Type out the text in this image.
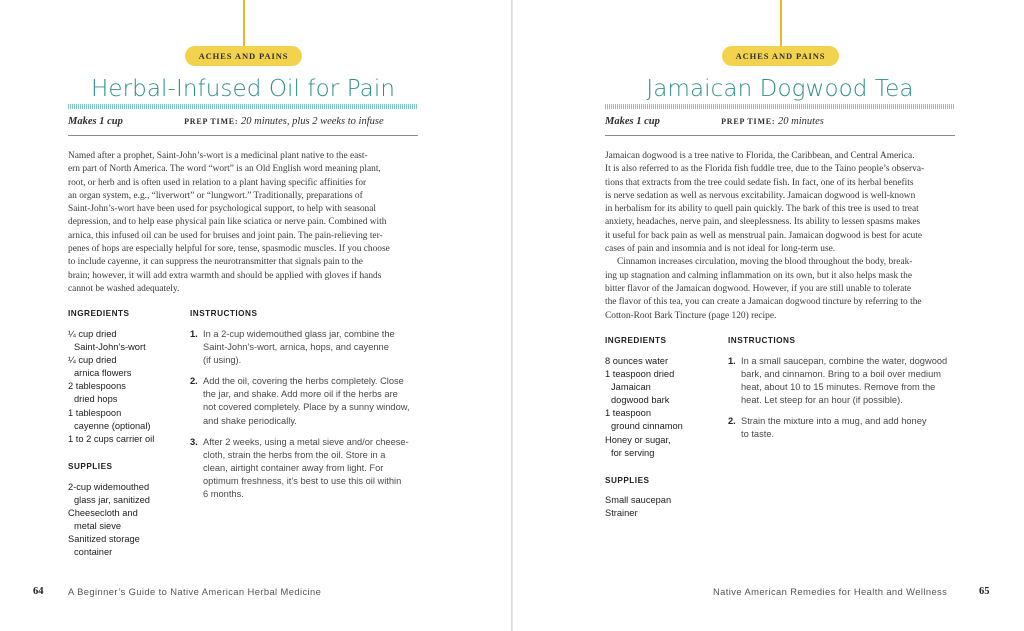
ACHES AND PAINS
Herbal-Infused Oil for Pain
Makes 1 cup	PREP TIME: 20 minutes, plus 2 weeks to infuse
Named after a prophet, Saint-John’s-wort is a medicinal plant native to the east-
ern part of North America. The word “wort” is an Old English word meaning plant,
root, or herb and is often used in relation to a plant having specific affinities for
an organ system, e.g., “liverwort” or “lungwort.” Traditionally, preparations of
Saint-John’s-wort have been used for psychological support, to help with seasonal
depression, and to help ease physical pain like sciatica or nerve pain. Combined with
arnica, this infused oil can be used for bruises and joint pain. The pain-relieving ter-
penes of hops are especially helpful for sore, tense, spasmodic muscles. If you choose
to include cayenne, it can suppress the neurotransmitter that signals pain to the
brain; however, it will add extra warmth and should be applied with gloves if hands
cannot be washed adequately.
INGREDIENTS
¼ cup dried
Saint-John’s-wort
¼ cup dried
arnica flowers
2 tablespoons
dried hops
1 tablespoon
cayenne (optional)
1 to 2 cups carrier oil
SUPPLIES
2-cup widemouthed
glass jar, sanitized
Cheesecloth and
metal sieve
Sanitized storage
container
INSTRUCTIONS
1. In a 2-cup widemouthed glass jar, combine the
Saint-John’s-wort, arnica, hops, and cayenne
(if using).
2. Add the oil, covering the herbs completely. Close
the jar, and shake. Add more oil if the herbs are
not covered completely. Place by a sunny window,
and shake periodically.
3. After 2 weeks, using a metal sieve and/or cheese-
cloth, strain the herbs from the oil. Store in a
clean, airtight container away from light. For
optimum freshness, it’s best to use this oil within
6 months.
64	A Beginner’s Guide to Native American Herbal Medicine
ACHES AND PAINS
Jamaican Dogwood Tea
Makes 1 cup	PREP TIME: 20 minutes
Jamaican dogwood is a tree native to Florida, the Caribbean, and Central America.
It is also referred to as the Florida fish fuddle tree, due to the Taino people’s observa-
tions that extracts from the tree could sedate fish. In fact, one of its herbal benefits
is nerve sedation as well as nervous excitability. Jamaican dogwood is well-known
in herbalism for its ability to quell pain quickly. The bark of this tree is used to treat
anxiety, headaches, nerve pain, and sleeplessness. Its ability to lessen spasms makes
it useful for back pain as well as menstrual pain. Jamaican dogwood is best for acute
cases of pain and insomnia and is not ideal for long-term use.
Cinnamon increases circulation, moving the blood throughout the body, break-
ing up stagnation and calming inflammation on its own, but it also helps mask the
bitter flavor of the Jamaican dogwood. However, if you are still unable to tolerate
the flavor of this tea, you can create a Jamaican dogwood tincture by referring to the
Cotton-Root Bark Tincture (page 120) recipe.
INGREDIENTS
8 ounces water
1 teaspoon dried
Jamaican
dogwood bark
1 teaspoon
ground cinnamon
Honey or sugar,
for serving
SUPPLIES
Small saucepan
Strainer
INSTRUCTIONS
1. In a small saucepan, combine the water, dogwood
bark, and cinnamon. Bring to a boil over medium
heat, about 10 to 15 minutes. Remove from the
heat. Let steep for an hour (if possible).
2. Strain the mixture into a mug, and add honey
to taste.
Native American Remedies for Health and Wellness	65
